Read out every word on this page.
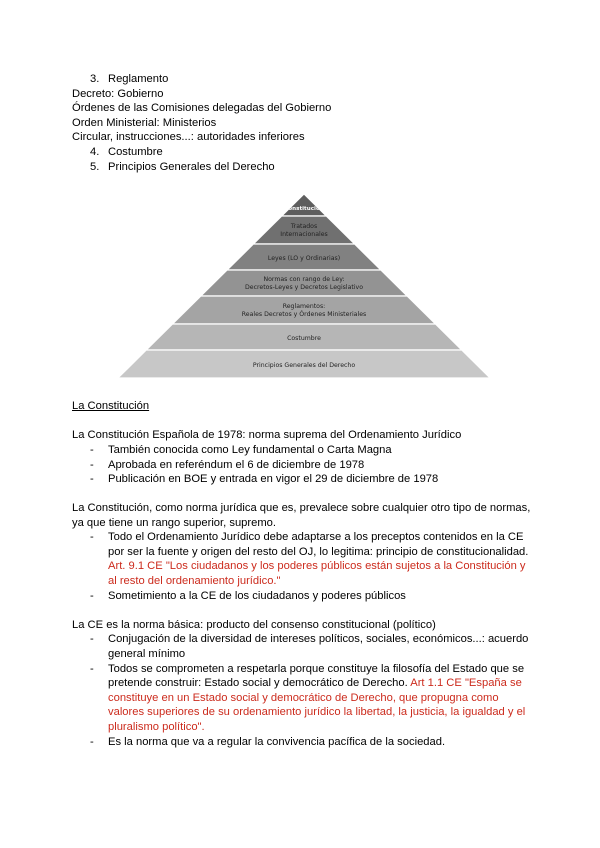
3. Reglamento
Decreto: Gobierno
Órdenes de las Comisiones delegadas del Gobierno
Orden Ministerial: Ministerios
Circular, instrucciones...: autoridades inferiores
4. Costumbre
5. Principios Generales del Derecho
Constitución
Tratados
Internacionales
Leyes (LO y Ordinarias)
Normas con rango de Ley:
Decretos-Leyes y Decretos Legislativo
Reglamentos:
Reales Decretos y Órdenes Ministeriales
Costumbre
Principios Generales del Derecho
La Constitución
La Constitución Española de 1978: norma suprema del Ordenamiento Jurídico
- También conocida como Ley fundamental o Carta Magna
- Aprobada en referéndum el 6 de diciembre de 1978
- Publicación en BOE y entrada en vigor el 29 de diciembre de 1978
La Constitución, como norma jurídica que es, prevalece sobre cualquier otro tipo de normas,
ya que tiene un rango superior, supremo.
- Todo el Ordenamiento Jurídico debe adaptarse a los preceptos contenidos en la CE
por ser la fuente y origen del resto del OJ, lo legitima: principio de constitucionalidad.
Art. 9.1 CE "Los ciudadanos y los poderes públicos están sujetos a la Constitución y
al resto del ordenamiento jurídico."
- Sometimiento a la CE de los ciudadanos y poderes públicos
La CE es la norma básica: producto del consenso constitucional (político)
- Conjugación de la diversidad de intereses políticos, sociales, económicos...: acuerdo
general mínimo
- Todos se comprometen a respetarla porque constituye la filosofía del Estado que se
pretende construir: Estado social y democrático de Derecho. Art 1.1 CE "España se
constituye en un Estado social y democrático de Derecho, que propugna como
valores superiores de su ordenamiento jurídico la libertad, la justicia, la igualdad y el
pluralismo político".
- Es la norma que va a regular la convivencia pacífica de la sociedad.
